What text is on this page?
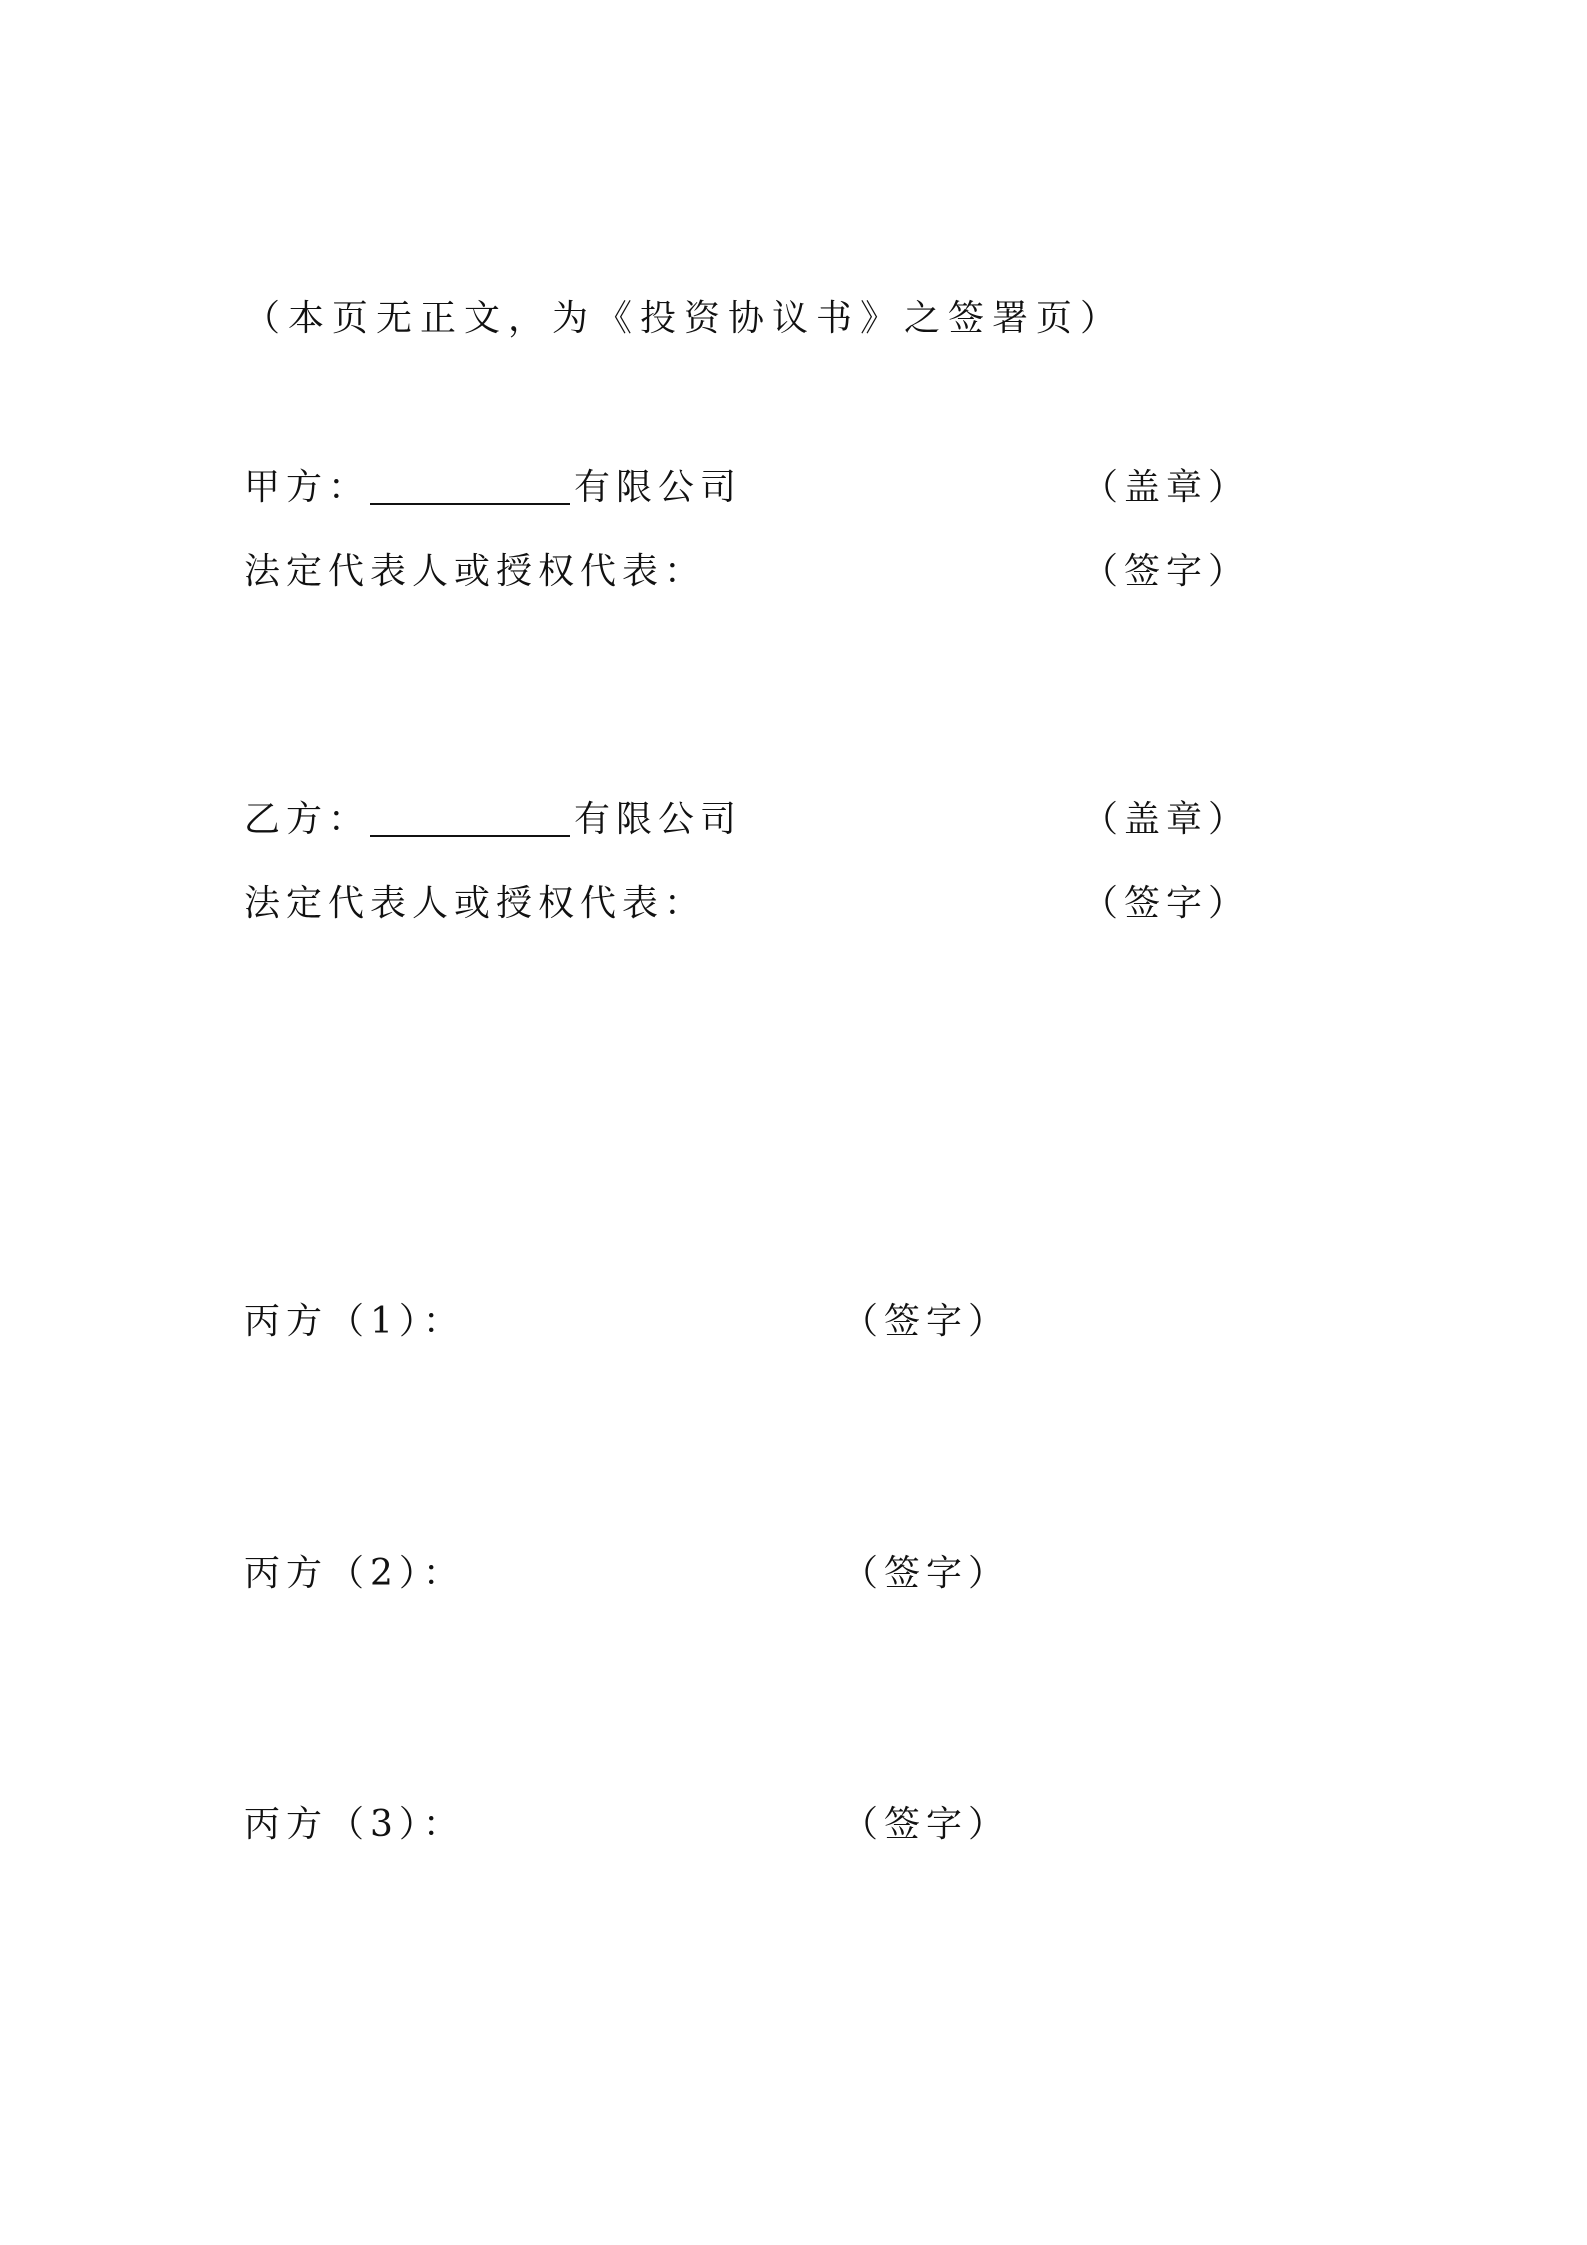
（本页无正文，为《投资协议书》之签署页）
甲方：	有限公司	（盖章）
法定代表人或授权代表：	（签字）
乙方：	有限公司	（盖章）
法定代表人或授权代表：	（签字）
丙方（1）：	（签字）
丙方（2）：	（签字）
丙方（3）：	（签字）
